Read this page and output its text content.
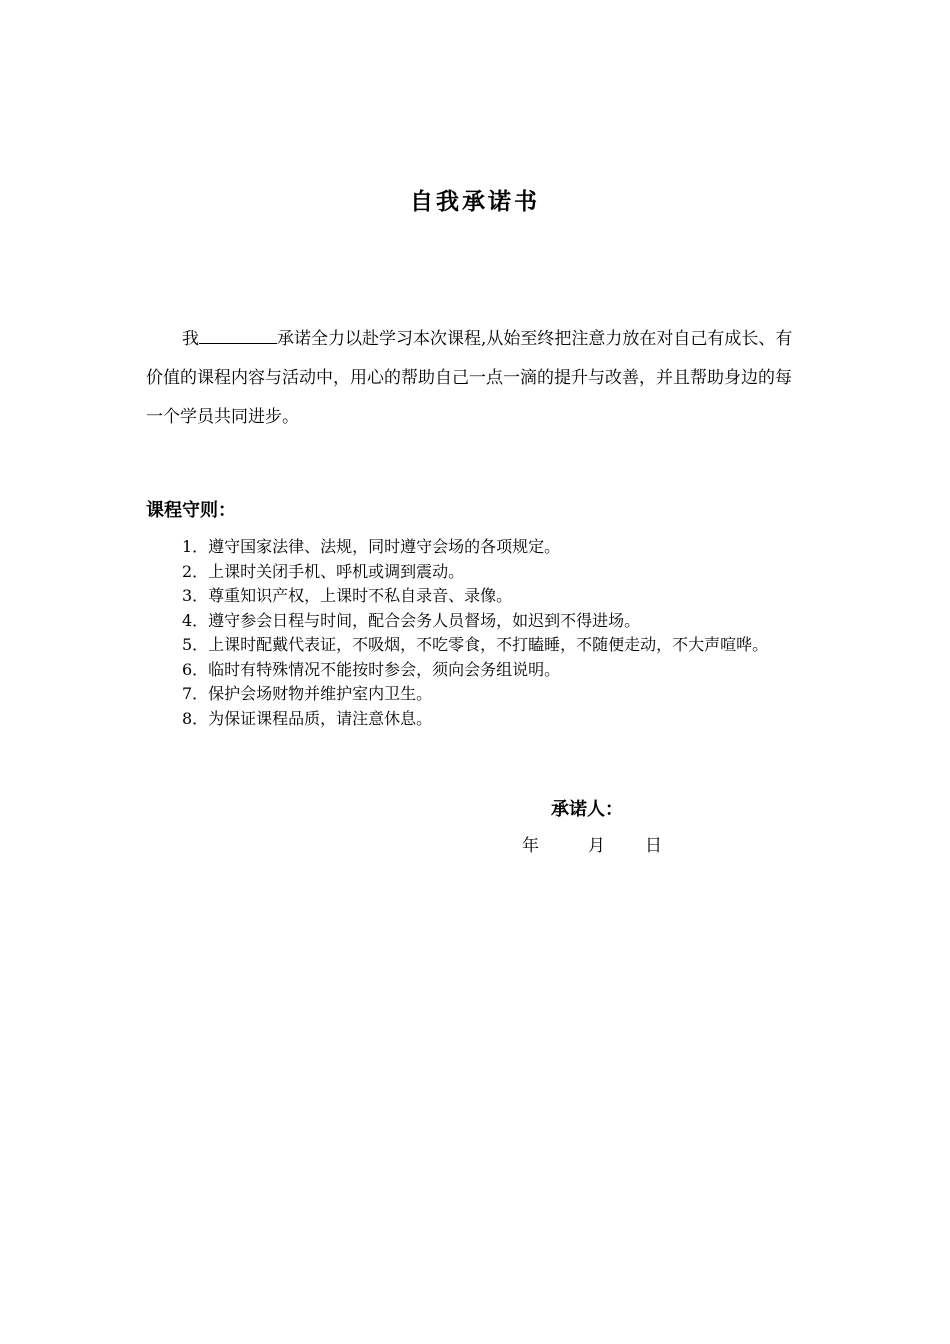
自我承诺书
我	承诺全力以赴学习本次课程,从始至终把注意力放在对自己有成长、有价值的课程内容与活动中，用心的帮助自己一点一滴的提升与改善，并且帮助身边的每一个学员共同进步。
课程守则：
1．遵守国家法律、法规，同时遵守会场的各项规定。
2．上课时关闭手机、呼机或调到震动。
3．尊重知识产权，上课时不私自录音、录像。
4．遵守参会日程与时间，配合会务人员督场，如迟到不得进场。
5．上课时配戴代表证，不吸烟，不吃零食，不打瞌睡，不随便走动，不大声喧哗。
6．临时有特殊情况不能按时参会，须向会务组说明。
7．保护会场财物并维护室内卫生。
8．为保证课程品质，请注意休息。
承诺人：
年	月 日
